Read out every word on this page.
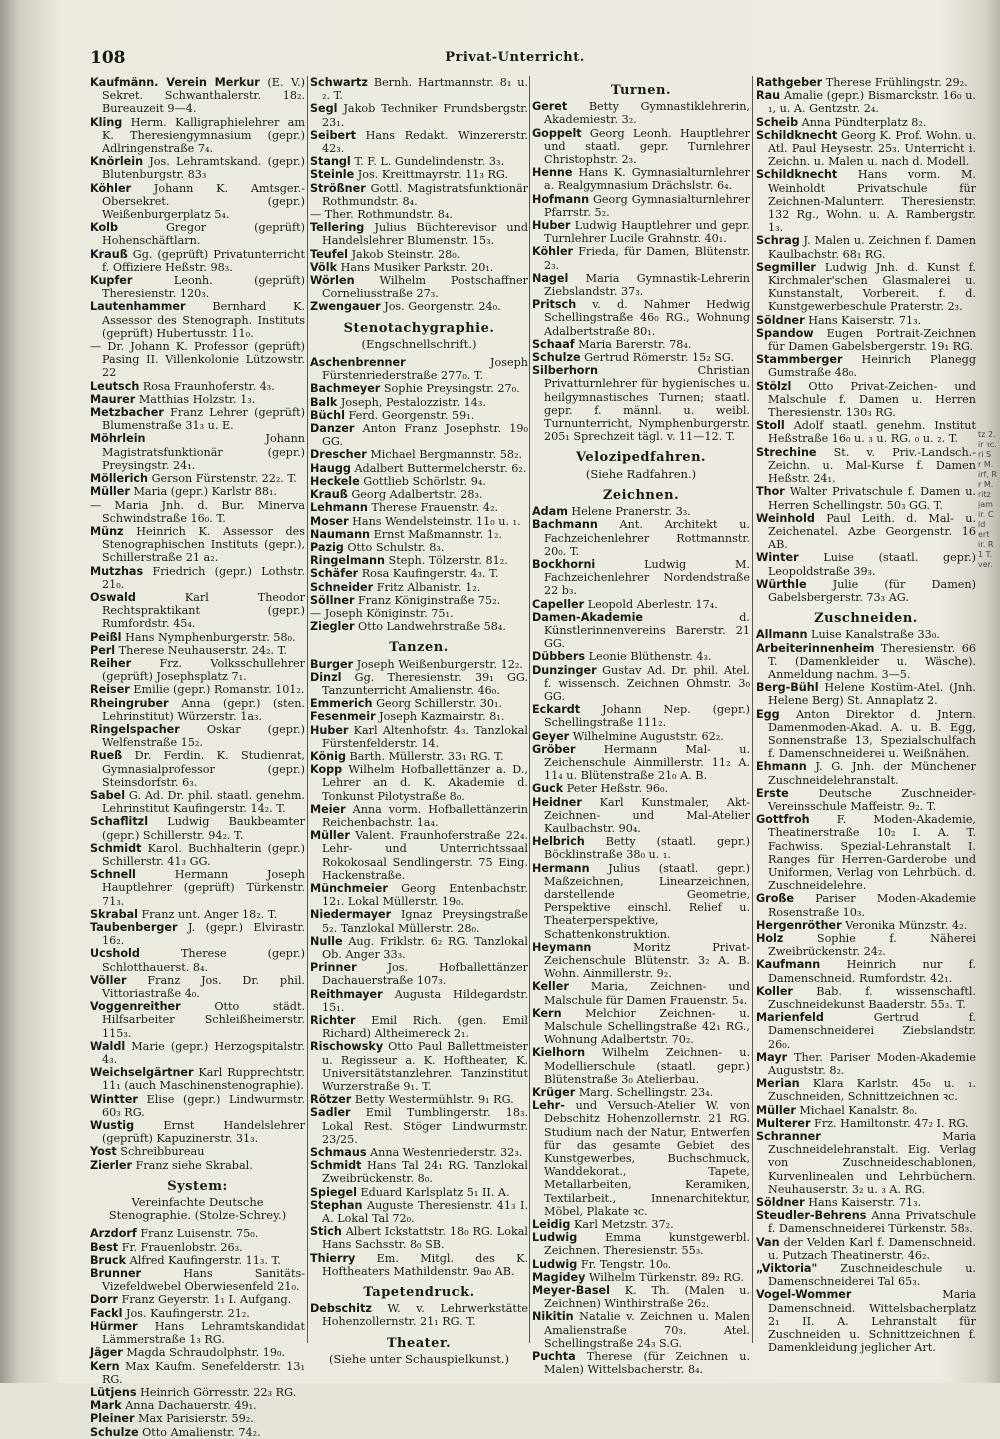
108	Privat-Unterricht.

Kaufmänn. Verein Merkur (E. V.) Sekret. Schwanthalerstr. 18₂. Bureauzeit 9—4.

Kling Herm. Kalligraphielehrer am K. Theresiengymnasium (gepr.) Adlringenstraße 7₄.

Knörlein Jos. Lehramtskand. (gepr.) Blutenburgstr. 83₃

Köhler Johann K. Amtsger.-Obersekret. (gepr.) Weißenburgerplatz 5₄.

Kolb	Gregor (geprüft) Hohenschäftlarn.

Krauß Gg. (geprüft) Privatunterricht f. Offiziere Heßstr. 98₃.

Kupfer	Leonh. (geprüft) Theresienstr. 120₃.

Lautenhammer Bernhard K. Assessor des Stenograph. Instituts (geprüft) Hubertusstr. 11₀.

— Dr. Johann K. Professor (geprüft) Pasing II. Villenkolonie Lützowstr. 22

Leutsch Rosa Fraunhoferstr. 4₃.

Maurer Matthias Holzstr. 1₃.

Metzbacher Franz Lehrer (geprüft) Blumenstraße 31₃ u. E.

Möhrlein	Johann Magistratsfunktionär (gepr.) Preysingstr. 24₁.

Möllerich Gerson Fürstenstr. 22₂. T.

Müller Maria (gepr.) Karlstr 88₁.

— Maria Jnh. d. Bur. Minerva Schwindstraße 16₀. T.

Münz Heinrich K. Assessor des Stenographischen Instituts (gepr.), Schillerstraße 21 a₂.

Mutzhas Friedrich (gepr.) Lothstr. 21₀.

Oswald	Karl Theodor Rechtspraktikant (gepr.) Rumfordstr. 45₄.

Peißl Hans Nymphenburgerstr. 58₀.

Perl Therese Neuhauserstr. 24₂. T.

Reiher	Frz. Volksschullehrer (geprüft) Josephsplatz 7₁.

Reiser Emilie (gepr.) Romanstr. 101₂.

Rheingruber Anna (gepr.) (sten. Lehrinstitut) Würzerstr. 1a₃.

Ringelspacher Oskar (gepr.) Welfenstraße 15₂.

Rueß Dr. Ferdin. K. Studienrat, Gymnasialprofessor (gepr.) Steinsdorfstr. 6₃.

Sabel G. Ad. Dr. phil. staatl. genehm. Lehrinstitut Kaufingerstr. 14₂. T.

Schaflitzl Ludwig Baukbeamter (gepr.) Schillerstr. 94₂. T.

Schmidt Karol. Buchhalterin (gepr.) Schillerstr. 41₃ GG.

Schnell	Hermann Joseph Hauptlehrer (geprüft) Türkenstr. 71₃.

Skrabal Franz unt. Anger 18₂. T.

Taubenberger J. (gepr.) Elvirastr. 16₂.

Ucshold	Therese (gepr.) Schlotthauerst. 8₄.

Völler Franz Jos. Dr. phil. Vittoriastraße 4₀.

Voggenreither	Otto städt. Hilfsarbeiter Schleißheimerstr. 115₃.

Waldl Marie (gepr.) Herzogspitalstr. 4₃.

Weichselgärtner Karl Rupprechtstr. 11₁ (auch Maschinenstenographie).

Wintter Elise (gepr.) Lindwurmstr. 60₃ RG.

Wustig	Ernst Handelslehrer (geprüft) Kapuzinerstr. 31₃.

Yost Schreibbureau

Zierler Franz siehe Skrabal.

System:
Vereinfachte Deutsche Stenographie. (Stolze-Schrey.)

Arzdorf Franz Luisenstr. 75₀.

Best Fr. Frauenlobstr. 26₃.

Bruck Alfred Kaufingerstr. 11₃. T.

Brunner	Hans Sanitäts-Vizefeldwebel Oberwiesenfeld 21₀.

Dorr Franz Geyerstr. 1₁ I. Aufgang.

Fackl Jos. Kaufingerstr. 21₂.

Hürmer Hans Lehramtskandidat Lämmerstraße 1₃ RG.

Jäger Magda Schraudolphstr. 19₀.

Kern Max Kaufm. Senefelderstr. 13₁ RG.

Lütjens Heinrich Görresstr. 22₃ RG.

Mark Anna Dachauerstr. 49₁.

Pleiner Max Parisierstr. 59₂.

Schulze Otto Amalienstr. 74₂.

Schwartz Bernh. Hartmannstr. 8₁ u. ₂. T.

Segl Jakob Techniker Frundsbergstr. 23₁.

Seibert Hans Redakt. Winzererstr. 42₃.

Stangl T. F. L. Gundelindenstr. 3₃.

Steinle Jos. Kreittmayrstr. 11₃ RG.

Strößner Gottl. Magistratsfunktionär Rothmundstr. 8₄.

— Ther. Rothmundstr. 8₄.

Tellering Julius Büchterevisor und Handelslehrer Blumenstr. 15₃.

Teufel Jakob Steinstr. 28₀.

Völk Hans Musiker Parkstr. 20₁.

Wörlen Wilhelm Postschaffner Corneliusstraße 27₃.

Zwengauer Jos. Georgenstr. 24₀.

Stenotachygraphie.
(Engschnellschrift.)

Aschenbrenner	Joseph Fürstenriederstraße 277₀. T.

Bachmeyer Sophie Preysingstr. 27₀.

Balk Joseph, Pestalozzistr. 14₃.

Büchl Ferd. Georgenstr. 59₁.

Danzer Anton Franz Josephstr. 19₀ GG.

Drescher Michael Bergmannstr. 58₂.

Haugg Adalbert Buttermelcherstr. 6₂.

Heckele Gottlieb Schörlstr. 9₄.

Krauß Georg Adalbertstr. 28₃.

Lehmann Therese Frauenstr. 4₂.

Moser Hans Wendelsteinstr. 11₀ u. ₁.

Naumann Ernst Maßmannstr. 1₂.

Pazig Otto Schulstr. 8₃.

Ringelmann Steph. Tölzerstr. 81₂.

Schäfer Rosa Kaufingerstr. 4₃. T.

Schneider Fritz Albanistr. 1₂.

Söllner Franz Königinstraße 75₂.

— Joseph Königinstr. 75₁.

Ziegler Otto Landwehrstraße 58₄.

Tanzen.

Burger Joseph Weißenburgerstr. 12₂.

Dinzl Gg. Theresienstr. 39₁ GG. Tanzunterricht Amalienstr. 46₀.

Emmerich Georg Schillerstr. 30₁.

Fesenmeir Joseph Kazmairstr. 8₁.

Huber Karl Altenhofstr. 4₃. Tanzlokal Fürstenfelderstr. 14.

König Barth. Müllerstr. 33₁ RG. T.

Kopp Wilhelm Hofballettänzer a. D., Lehrer an d. K. Akademie d. Tonkunst Pilotystraße 8₀.

Meier Anna vorm. Hofballettänzerin Reichenbachstr. 1a₄.

Müller Valent. Fraunhoferstraße 22₄. Lehr- und Unterrichtssaal Rokokosaal Sendlingerstr. 75 Eing. Hackenstraße.

Münchmeier Georg Entenbachstr. 12₁. Lokal Müllerstr. 19₀.

Niedermayer Ignaz Preysingstraße 5₂. Tanzlokal Müllerstr. 28₀.

Nulle Aug. Friklstr. 6₂ RG. Tanzlokal Ob. Anger 33₃.

Prinner	Jos. Hofballettänzer Dachauerstraße 107₃.

Reithmayer Augusta Hildegardstr. 15₁.

Richter Emil Rich. (gen. Emil Richard) Altheimereck 2₁.

Rischowsky Otto Paul Ballettmeister u. Regisseur a. K. Hoftheater, K. Universitätstanzlehrer. Tanzinstitut Wurzerstraße 9₁. T.

Rötzer Betty Westermühlstr. 9₁ RG.

Sadler Emil Tumblingerstr. 18₃. Lokal Rest. Stöger Lindwurmstr. 23/25.

Schmaus Anna Westenriederstr. 32₃.

Schmidt Hans Tal 24₁ RG. Tanzlokal Zweibrückenstr. 8₀.

Spiegel Eduard Karlsplatz 5₁ II. A.

Stephan Auguste Theresienstr. 41₃ I. A. Lokal Tal 72₀.

Stich Albert Ickstattstr. 18₀ RG. Lokal Hans Sachsstr. 8₀ SB.

Thierry Em. Mitgl. des K. Hoftheaters Mathildenstr. 9a₀ AB.

Tapetendruck.

Debschitz W. v. Lehrwerkstätte Hohenzollernstr. 21₁ RG. T.

Theater.
(Siehe unter Schauspielkunst.)
Turnen.

Geret Betty Gymnastiklehrerin, Akademiestr. 3₂.

Goppelt Georg Leonh. Hauptlehrer und staatl. gepr. Turnlehrer Christophstr. 2₃.

Henne Hans K. Gymnasialturnlehrer a. Realgymnasium Drächslstr. 6₄.

Hofmann Georg Gymnasialturnlehrer Pfarrstr. 5₂.

Huber Ludwig Hauptlehrer und gepr. Turnlehrer Lucile Grahnstr. 40₁.

Köhler Frieda, für Damen, Blütenstr. 2₃.

Nagel Maria Gymnastik-Lehrerin Ziebslandstr. 37₃.

Pritsch v. d. Nahmer Hedwig Schellingstraße 46₀ RG., Wohnung Adalbertstraße 80₁.

Schaaf Maria Barerstr. 78₄.

Schulze Gertrud Römerstr. 15₂ SG.

Silberhorn Christian Privatturnlehrer für hygienisches u. heilgymnastisches Turnen; staatl. gepr. f. männl. u. weibl. Turnunterricht, Nymphenburgerstr. 205₁ Sprechzeit tägl. v. 11—12. T.

Velozipedfahren.
(Siehe Radfahren.)
Zeichnen.

Adam Helene Pranerstr. 3₃.

Bachmann Ant. Architekt u. Fachzeichenlehrer Rottmannstr. 20₀. T.

Bockhorni Ludwig M. Fachzeichenlehrer Nordendstraße 22 b₃.

Capeller Leopold Aberlestr. 17₄.

Damen-Akademie d. Künstlerinnenvereins Barerstr. 21 GG.

Dübbers Leonie Blüthenstr. 4₃.

Dunzinger Gustav Ad. Dr. phil. Atel. f. wissensch. Zeichnen Ohmstr. 3₀ GG.

Eckardt Johann Nep. (gepr.) Schellingstraße 111₂.

Geyer Wilhelmine Auguststr. 62₂.

Gröber Hermann Mal- u. Zeichenschule Ainmillerstr. 11₂ A. 11₄ u. Blütenstraße 21₀ A. B.

Guck Peter Heßstr. 96₀.

Heidner Karl Kunstmaler, Akt-Zeichnen- und Mal-Atelier Kaulbachstr. 90₄.

Helbrich Betty (staatl. gepr.) Böcklinstraße 38₀ u. ₁.

Hermann Julius (staatl. gepr.) Maßzeichnen, Linearzeichnen, darstellende Geometrie, Perspektive einschl. Relief u. Theaterperspektive, Schattenkonstruktion.

Heymann Moritz Privat-Zeichenschule Blütenstr. 3₂ A. B. Wohn. Ainmillerstr. 9₂.

Keller Maria, Zeichnen- und Malschule für Damen Frauenstr. 5₄.

Kern Melchior Zeichnen- u. Malschule Schellingstraße 42₁ RG., Wohnung Adalbertstr. 70₂.

Kielhorn Wilhelm Zeichnen- u. Modellierschule (staatl. gepr.) Blütenstraße 3₀ Atelierbau.

Krüger Marg. Schellingstr. 23₄.

Lehr- und Versuch-Atelier W. von Debschitz Hohenzollernstr. 21 RG. Studium nach der Natur, Entwerfen für das gesamte Gebiet des Kunstgewerbes, Buchschmuck, Wanddekorat., Tapete, Metallarbeiten, Keramiken, Textilarbeit., Innenarchitektur, Möbel, Plakate ꝛc.

Leidig Karl Metzstr. 37₂.

Ludwig Emma kunstgewerbl. Zeichnen. Theresienstr. 55₃.

Ludwig Fr. Tengstr. 10₀.

Magidey Wilhelm Türkenstr. 89₂ RG.

Meyer-Basel K. Th. (Malen u. Zeichnen) Winthirstraße 26₂.

Nikitin Natalie v. Zeichnen u. Malen Amalienstraße 70₃. Atel. Schellingstraße 24₃ S.G.

Puchta Therese (für Zeichnen u. Malen) Wittelsbacherstr. 8₄.

Rathgeber Therese Frühlingstr. 29₂.

Rau Amalie (gepr.) Bismarckstr. 16₀ u. ₁, u. A. Gentzstr. 2₄.

Scheib Anna Pündterplatz 8₂.

Schildknecht Georg K. Prof. Wohn. u. Atl. Paul Heysestr. 25₃. Unterricht i. Zeichn. u. Malen u. nach d. Modell.

Schildknecht Hans vorm. M. Weinholdt Privatschule für Zeichnen-Malunterr. Theresienstr. 132 Rg., Wohn. u. A. Rambergstr. 1₃.

Schrag J. Malen u. Zeichnen f. Damen Kaulbachstr. 68₁ RG.

Segmiller Ludwig Jnh. d. Kunst f. Kirchmaler'schen Glasmalerei u. Kunstanstalt, Vorbereit. f. d. Kunstgewerbeschule Praterstr. 2₃.

Söldner Hans Kaiserstr. 71₃.

Spandow Eugen Portrait-Zeichnen für Damen Gabelsbergerstr. 19₁ RG.

Stammberger Heinrich Planegg Gumstraße 48₀.

Stölzl Otto Privat-Zeichen- und Malschule f. Damen u. Herren Theresienstr. 130₃ RG.

Stoll Adolf staatl. genehm. Institut Heßstraße 16₀ u. ₃ u. RG. ₀ u. ₂. T.

Strechine St. v. Priv.-Landsch.-Zeichn. u. Mal-Kurse f. Damen Heßstr. 24₁.

Thor Walter Privatschule f. Damen u. Herren Schellingstr. 50₃ GG. T.

Weinhold Paul Leith. d. Mal- u. Zeichenatel. Azbe Georgenstr. 16 AB.

Winter Luise (staatl. gepr.) Leopoldstraße 39₃.

Würthle Julie (für Damen) Gabelsbergerstr. 73₃ AG.

Zuschneiden.

Allmann Luise Kanalstraße 33₀.

Arbeiterinnenheim Theresienstr. 66 T. (Damenkleider u. Wäsche). Anmeldung nachm. 3—5.

Berg-Bühl Helene Kostüm-Atel. (Jnh. Helene Berg) St. Annaplatz 2.

Egg Anton Direktor d. Jntern. Damenmoden-Akad. A. u. B. Egg, Sonnenstraße 13, Spezialschulfach f. Damenschneiderei u. Weißnähen.

Ehmann J. G. Jnh. der Münchener Zuschneidelehranstalt.

Erste Deutsche Zuschneider-Vereinsschule Maffeistr. 9₂. T.

Gottfroh F. Moden-Akademie, Theatinerstraße 10₂ I. A. T. Fachwiss. Spezial-Lehranstalt I. Ranges für Herren-Garderobe und Uniformen, Verlag von Lehrbüch. d. Zuschneidelehre.

Große Pariser Moden-Akademie Rosenstraße 10₃.

Hergenröther Veronika Münzstr. 4₂.

Holz Sophie f. Näherei Zweibrückenstr. 24₂.

Kaufmann Heinrich nur f. Damenschneid. Rumfordstr. 42₁.

Koller Bab. f. wissenschaftl. Zuschneidekunst Baaderstr. 55₃. T.

Marienfeld Gertrud f. Damenschneiderei Ziebslandstr. 26₀.

Mayr Ther. Pariser Moden-Akademie Auguststr. 8₂.

Merian Klara Karlstr. 45₀ u. ₁. Zuschneiden, Schnittzeichnen ꝛc.

Müller Michael Kanalstr. 8₀.

Multerer Frz. Hamiltonstr. 47₂ I. RG.

Schranner Maria Zuschneidelehranstalt. Eig. Verlag von Zuschneideschablonen, Kurvenlinealen und Lehrbüchern. Neuhauserstr. 3₂ u. ₃ A. RG.

Söldner Hans Kaiserstr. 71₃.

Steudler-Behrens Anna Privatschule f. Damenschneiderei Türkenstr. 58₃.

Van der Velden Karl f. Damenschneid. u. Putzach Theatinerstr. 46₂.

„Viktoria" Zuschneideschule u. Damenschneiderei Tal 65₃.

Vogel-Wommer Maria Damenschneid. Wittelsbacherplatz 2₁ II. A. Lehranstalt für Zuschneiden u. Schnittzeichnen f. Damenkleidung jeglicher Art.

tz 2.
ir ꝛc.
ri S
r M.
irf, R
r M.
ritz
jam
ir. C
ld
ert
ir. R
1 T.
ver.
